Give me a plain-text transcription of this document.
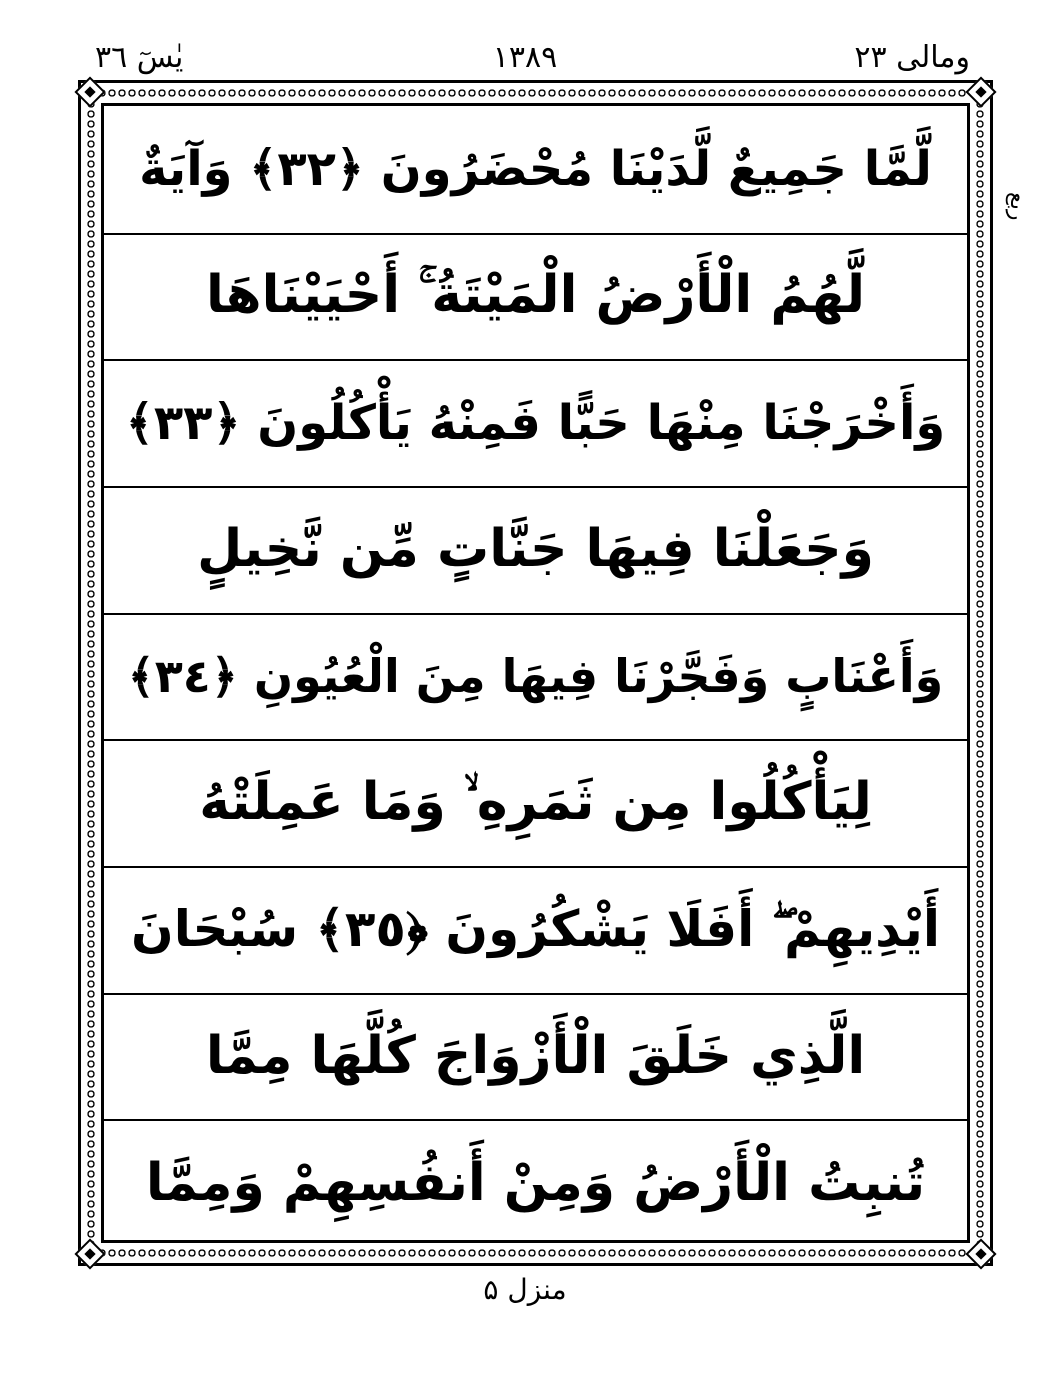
ومالی ۲۳
۱۳۸۹
یٰسٓ ۳٦
لَّمَّا جَمِيعٌ لَّدَيْنَا مُحْضَرُونَ ﴿٣٢﴾ وَآيَةٌ
لَّهُمُ الْأَرْضُ الْمَيْتَةُ ۚ أَحْيَيْنَاهَا
وَأَخْرَجْنَا مِنْهَا حَبًّا فَمِنْهُ يَأْكُلُونَ ﴿٣٣﴾
وَجَعَلْنَا فِيهَا جَنَّاتٍ مِّن نَّخِيلٍ
وَأَعْنَابٍ وَفَجَّرْنَا فِيهَا مِنَ الْعُيُونِ ﴿٣٤﴾
لِيَأْكُلُوا مِن ثَمَرِهِ ۙ وَمَا عَمِلَتْهُ
أَيْدِيهِمْ ۖ أَفَلَا يَشْكُرُونَ ﴿٣٥﴾ سُبْحَانَ
الَّذِي خَلَقَ الْأَزْوَاجَ كُلَّهَا مِمَّا
تُنبِتُ الْأَرْضُ وَمِنْ أَنفُسِهِمْ وَمِمَّا
ربع
منزل ۵
